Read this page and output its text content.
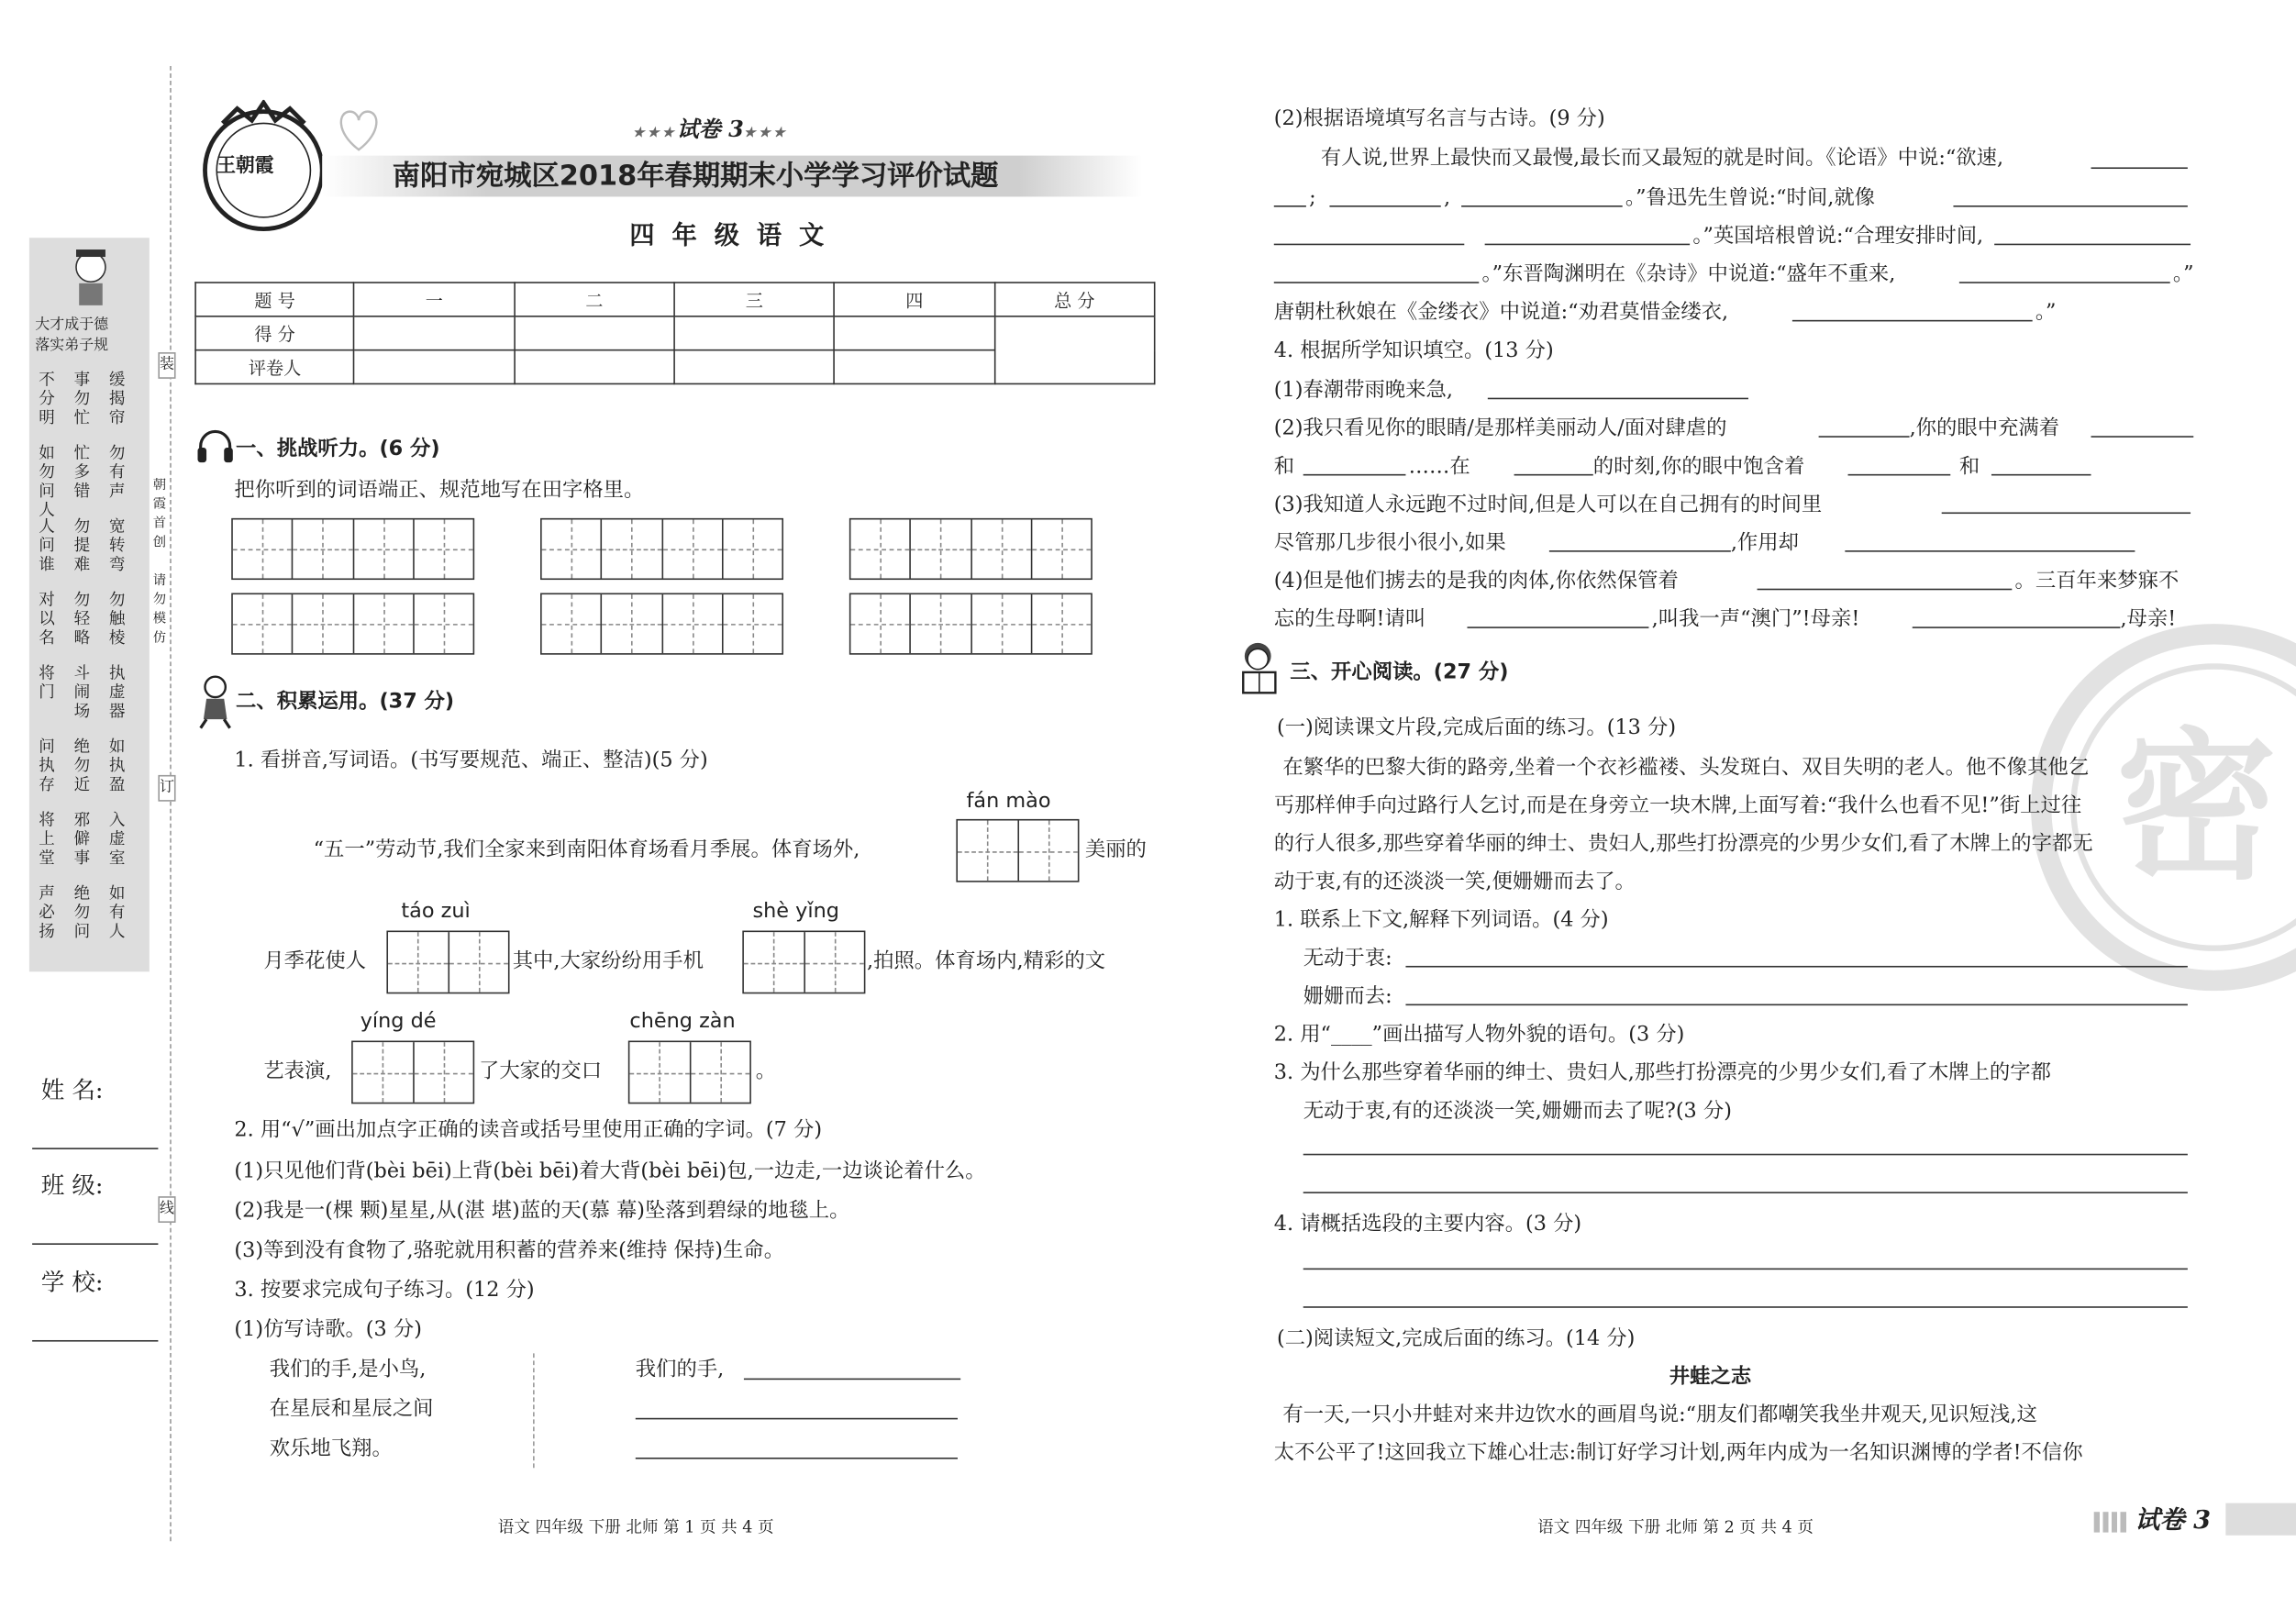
大才成于德
落实弟子规
不分明
如勿问人
人问谁
对以名
将门
问执存
将上堂
声必扬
事勿忙
忙多错
勿提难
勿轻略
斗闹场
绝勿近
邪僻事
绝勿问
缓揭帘
勿有声
宽转弯
勿触棱
执虚器
如执盈
入虚室
如有人
姓 名:
班 级:
学 校:
装
订
线
朝霞首创
请勿模仿
王朝霞
★★★试卷 3★★★
南阳市宛城区2018年春期期末小学学习评价试题
四 年 级 语 文
题 号	一	二	三	四	总 分
得 分					
评卷人					
一、挑战听力。(6 分)
把你听到的词语端正、规范地写在田字格里。
二、积累运用。(37 分)
1. 看拼音,写词语。(书写要规范、端正、整洁)(5 分)
fán mào
“五一”劳动节,我们全家来到南阳体育场看月季展。体育场外,	美丽的
táo zuì	shè yǐng
月季花使人	其中,大家纷纷用手机	,拍照。体育场内,精彩的文
yíng dé	chēng zàn
艺表演,	了大家的交口	。
2. 用“√”画出加点字正确的读音或括号里使用正确的字词。(7 分)
(1)只见他们背(bèi bēi)上背(bèi bēi)着大背(bèi bēi)包,一边走,一边谈论着什么。
(2)我是一(棵 颗)星星,从(湛 堪)蓝的天(慕 幕)坠落到碧绿的地毯上。
(3)等到没有食物了,骆驼就用积蓄的营养来(维持 保持)生命。
3. 按要求完成句子练习。(12 分)
(1)仿写诗歌。(3 分)
我们的手,是小鸟,
在星辰和星辰之间
欢乐地飞翔。
我们的手,
语文 四年级 下册 北师 第 1 页 共 4 页
密
(2)根据语境填写名言与古诗。(9 分)
有人说,世界上最快而又最慢,最长而又最短的就是时间。《论语》中说:“欲速,
;	,	。”鲁迅先生曾说:“时间,就像
。”英国培根曾说:“合理安排时间,
。”东晋陶渊明在《杂诗》中说道:“盛年不重来,	。”
唐朝杜秋娘在《金缕衣》中说道:“劝君莫惜金缕衣,	。”
4. 根据所学知识填空。(13 分)
(1)春潮带雨晚来急,
(2)我只看见你的眼睛/是那样美丽动人/面对肆虐的	,你的眼中充满着
和	……在	的时刻,你的眼中饱含着	和
(3)我知道人永远跑不过时间,但是人可以在自己拥有的时间里
尽管那几步很小很小,如果	,作用却
(4)但是他们掳去的是我的肉体,你依然保管着	。三百年来梦寐不
忘的生母啊!请叫	,叫我一声“澳门”!母亲!	,母亲!
三、开心阅读。(27 分)
(一)阅读课文片段,完成后面的练习。(13 分)
在繁华的巴黎大街的路旁,坐着一个衣衫褴褛、头发斑白、双目失明的老人。他不像其他乞
丐那样伸手向过路行人乞讨,而是在身旁立一块木牌,上面写着:“我什么也看不见!”街上过往
的行人很多,那些穿着华丽的绅士、贵妇人,那些打扮漂亮的少男少女们,看了木牌上的字都无
动于衷,有的还淡淡一笑,便姗姗而去了。
1. 联系上下文,解释下列词语。(4 分)
无动于衷:
姗姗而去:
2. 用“____”画出描写人物外貌的语句。(3 分)
3. 为什么那些穿着华丽的绅士、贵妇人,那些打扮漂亮的少男少女们,看了木牌上的字都
无动于衷,有的还淡淡一笑,姗姗而去了呢?(3 分)
4. 请概括选段的主要内容。(3 分)
(二)阅读短文,完成后面的练习。(14 分)
井蛙之志
有一天,一只小井蛙对来井边饮水的画眉鸟说:“朋友们都嘲笑我坐井观天,见识短浅,这
太不公平了!这回我立下雄心壮志:制订好学习计划,两年内成为一名知识渊博的学者!不信你
语文 四年级 下册 北师 第 2 页 共 4 页	试卷 3
